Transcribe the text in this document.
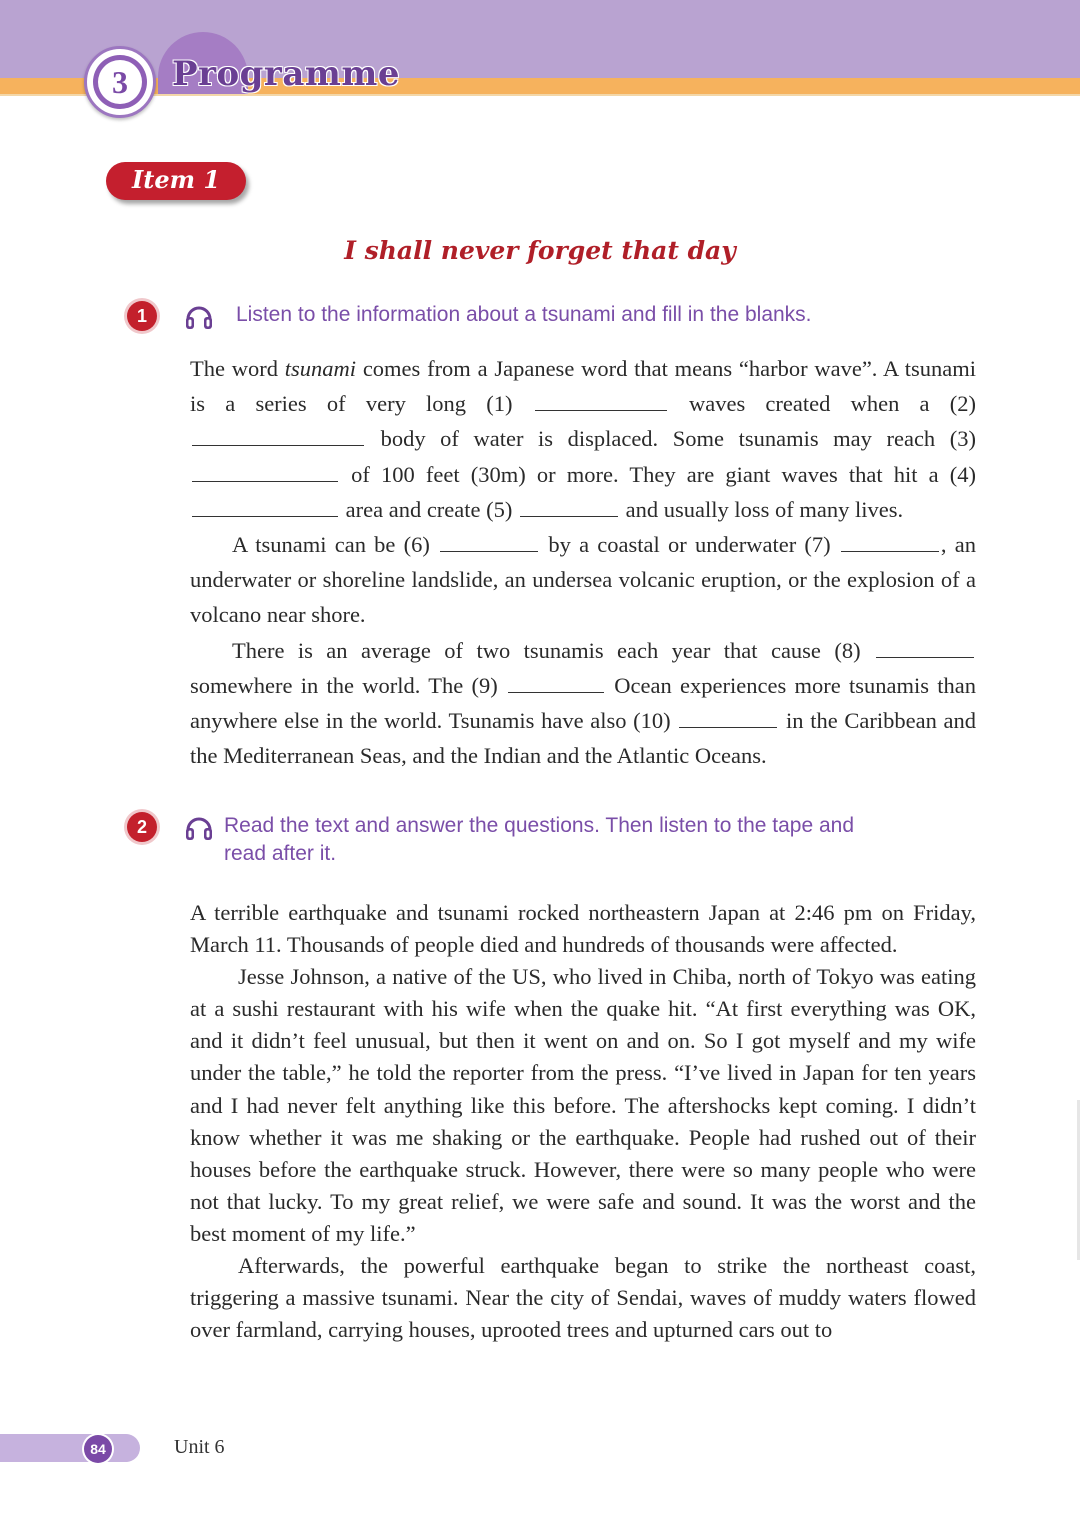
3	Programme
Item 1
I shall never forget that day
1	Listen to the information about a tsunami and fill in the blanks.

The word tsunami comes from a Japanese word that means “harbor wave”. A tsunami is a series of very long (1)	waves created when a (2)  body of water is displaced. Some tsunamis may reach (3)  of 100 feet (30m) or more. They are giant waves that hit a (4)  area and create (5)	and usually loss of many lives.

A tsunami can be (6)	by a coastal or underwater (7)	, an underwater or shoreline landslide, an undersea volcanic eruption, or the explosion of a volcano near shore.

There is an average of two tsunamis each year that cause (8)  somewhere in the world. The (9)	Ocean experiences more tsunamis than anywhere else in the world. Tsunamis have also (10)	in the Caribbean and the Mediterranean Seas, and the Indian and the Atlantic Oceans.

2	Read the text and answer the questions. Then listen to the tape and
read after it.

A terrible earthquake and tsunami rocked northeastern Japan at 2:46 pm on Friday, March 11. Thousands of people died and hundreds of thousands were affected.

Jesse Johnson, a native of the US, who lived in Chiba, north of Tokyo was eating at a sushi restaurant with his wife when the quake hit. “At first everything was OK, and it didn’t feel unusual, but then it went on and on. So I got myself and my wife under the table,” he told the reporter from the press. “I’ve lived in Japan for ten years and I had never felt anything like this before. The aftershocks kept coming. I didn’t know whether it was me shaking or the earthquake. People had rushed out of their houses before the earthquake struck. However, there were so many people who were not that lucky. To my great relief, we were safe and sound. It was the worst and the best moment of my life.”

Afterwards, the powerful earthquake began to strike the northeast coast, triggering a massive tsunami. Near the city of Sendai, waves of muddy waters flowed over farmland, carrying houses, uprooted trees and upturned cars out to

84	Unit 6
